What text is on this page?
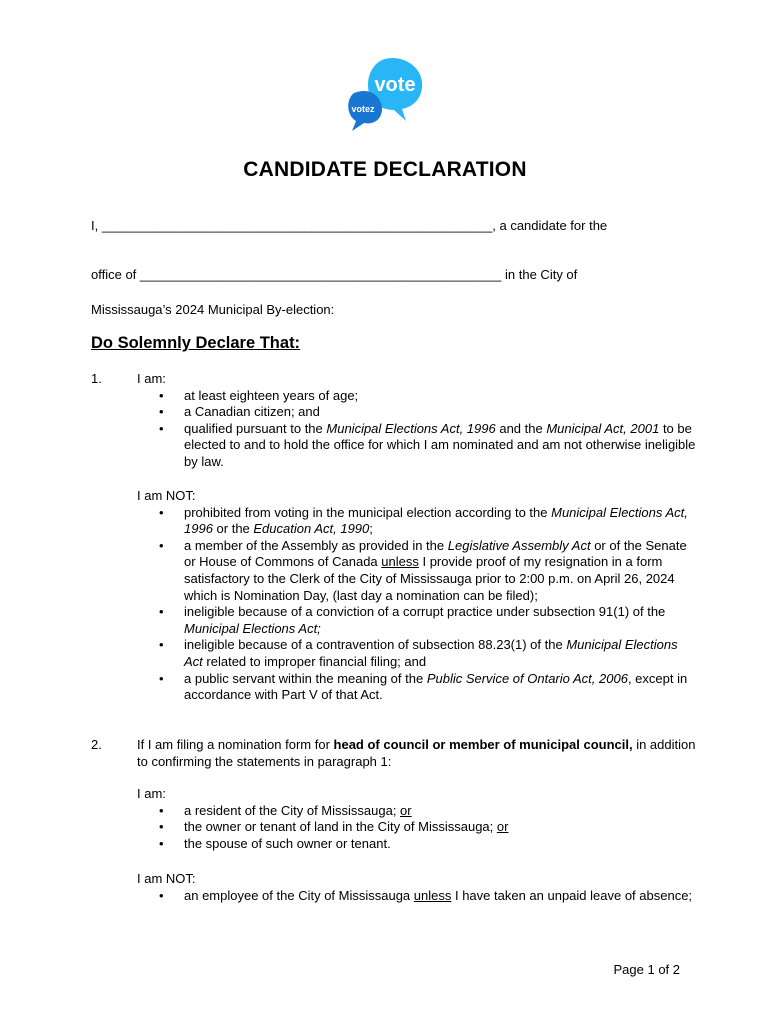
vote
votez
CANDIDATE DECLARATION
I, ______________________________________________________, a candidate for the
office of __________________________________________________ in the City of
Mississauga’s 2024 Municipal By-election:
Do Solemnly Declare That:
1.	I am:
• at least eighteen years of age;
• a Canadian citizen; and
• qualified pursuant to the Municipal Elections Act, 1996 and the Municipal Act, 2001 to be elected to and to hold the office for which I am nominated and am not otherwise ineligible by law.
I am NOT:
• prohibited from voting in the municipal election according to the Municipal Elections Act, 1996 or the Education Act, 1990;
• a member of the Assembly as provided in the Legislative Assembly Act or of the Senate or House of Commons of Canada unless I provide proof of my resignation in a form satisfactory to the Clerk of the City of Mississauga prior to 2:00 p.m. on April 26, 2024 which is Nomination Day, (last day a nomination can be filed);
• ineligible because of a conviction of a corrupt practice under subsection 91(1) of the Municipal Elections Act;
• ineligible because of a contravention of subsection 88.23(1) of the Municipal Elections Act related to improper financial filing; and
• a public servant within the meaning of the Public Service of Ontario Act, 2006, except in accordance with Part V of that Act.
2.	If I am filing a nomination form for head of council or member of municipal council, in addition to confirming the statements in paragraph 1:
I am:
• a resident of the City of Mississauga; or
• the owner or tenant of land in the City of Mississauga; or
• the spouse of such owner or tenant.
I am NOT:
• an employee of the City of Mississauga unless I have taken an unpaid leave of absence;
Page 1 of 2
